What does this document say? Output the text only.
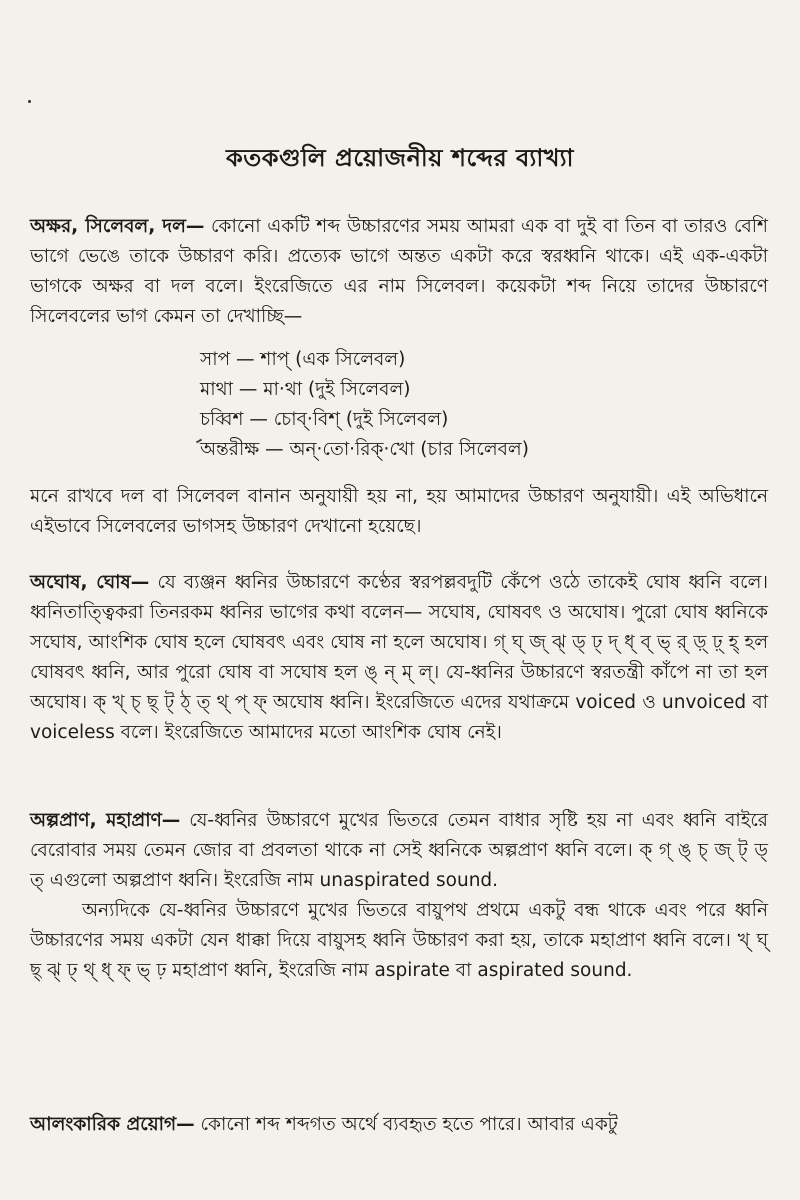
কতকগুলি প্রয়োজনীয় শব্দের ব্যাখ্যা

অক্ষর, সিলেবল, দল— কোনো একটি শব্দ উচ্চারণের সময় আমরা এক বা দুই বা তিন বা তারও বেশি ভাগে ভেঙে তাকে উচ্চারণ করি। প্রত্যেক ভাগে অন্তত একটা করে স্বরধ্বনি থাকে। এই এক-একটা ভাগকে অক্ষর বা দল বলে। ইংরেজিতে এর নাম সিলেবল। কয়েকটা শব্দ নিয়ে তাদের উচ্চারণে সিলেবলের ভাগ কেমন তা দেখাচ্ছি—

সাপ — শাপ্ (এক সিলেবল)
মাথা — মা·থা (দুই সিলেবল)
চব্বিশ — চোব্·বিশ্ (দুই সিলেবল)
অন্তরীক্ষ — অন্·তো·রিক্·খো (চার সিলেবল)

মনে রাখবে দল বা সিলেবল বানান অনুযায়ী হয় না, হয় আমাদের উচ্চারণ অনুযায়ী। এই অভিধানে এইভাবে সিলেবলের ভাগসহ উচ্চারণ দেখানো হয়েছে।

অঘোষ, ঘোষ— যে ব্যঞ্জন ধ্বনির উচ্চারণে কণ্ঠের স্বরপল্লবদুটি কেঁপে ওঠে তাকেই ঘোষ ধ্বনি বলে। ধ্বনিতাত্ত্বিকরা তিনরকম ধ্বনির ভাগের কথা বলেন— সঘোষ, ঘোষবৎ ও অঘোষ। পুরো ঘোষ ধ্বনিকে সঘোষ, আংশিক ঘোষ হলে ঘোষবৎ এবং ঘোষ না হলে অঘোষ। গ্ ঘ্ জ্ ঝ্ ড্ ঢ্ দ্ ধ্ ব্ ভ্ র্ ড়্ ঢ়্ হ্ হল ঘোষবৎ ধ্বনি, আর পুরো ঘোষ বা সঘোষ হল ঙ্ ন্ ম্ ল্। যে-ধ্বনির উচ্চারণে স্বরতন্ত্রী কাঁপে না তা হল অঘোষ। ক্ খ্ চ্ ছ্ ট্ ঠ্ ত্ থ্ প্ ফ্ অঘোষ ধ্বনি। ইংরেজিতে এদের যথাক্রমে voiced ও unvoiced বা voiceless বলে। ইংরেজিতে আমাদের মতো আংশিক ঘোষ নেই।

অল্পপ্রাণ, মহাপ্রাণ— যে-ধ্বনির উচ্চারণে মুখের ভিতরে তেমন বাধার সৃষ্টি হয় না এবং ধ্বনি বাইরে বেরোবার সময় তেমন জোর বা প্রবলতা থাকে না সেই ধ্বনিকে অল্পপ্রাণ ধ্বনি বলে। ক্ গ্ ঙ্ চ্ জ্ ট্ ড্ ত্ এগুলো অল্পপ্রাণ ধ্বনি। ইংরেজি নাম unaspirated sound.

অন্যদিকে যে-ধ্বনির উচ্চারণে মুখের ভিতরে বায়ুপথ প্রথমে একটু বন্ধ থাকে এবং পরে ধ্বনি উচ্চারণের সময় একটা যেন ধাক্কা দিয়ে বায়ুসহ ধ্বনি উচ্চারণ করা হয়, তাকে মহাপ্রাণ ধ্বনি বলে। খ্ ঘ্ ছ্ ঝ্ ঢ্ থ্ ধ্ ফ্ ভ্ ঢ় মহাপ্রাণ ধ্বনি, ইংরেজি নাম aspirate বা aspirated sound.

আলংকারিক প্রয়োগ— কোনো শব্দ শব্দগত অর্থে ব্যবহৃত হতে পারে। আবার একটু
